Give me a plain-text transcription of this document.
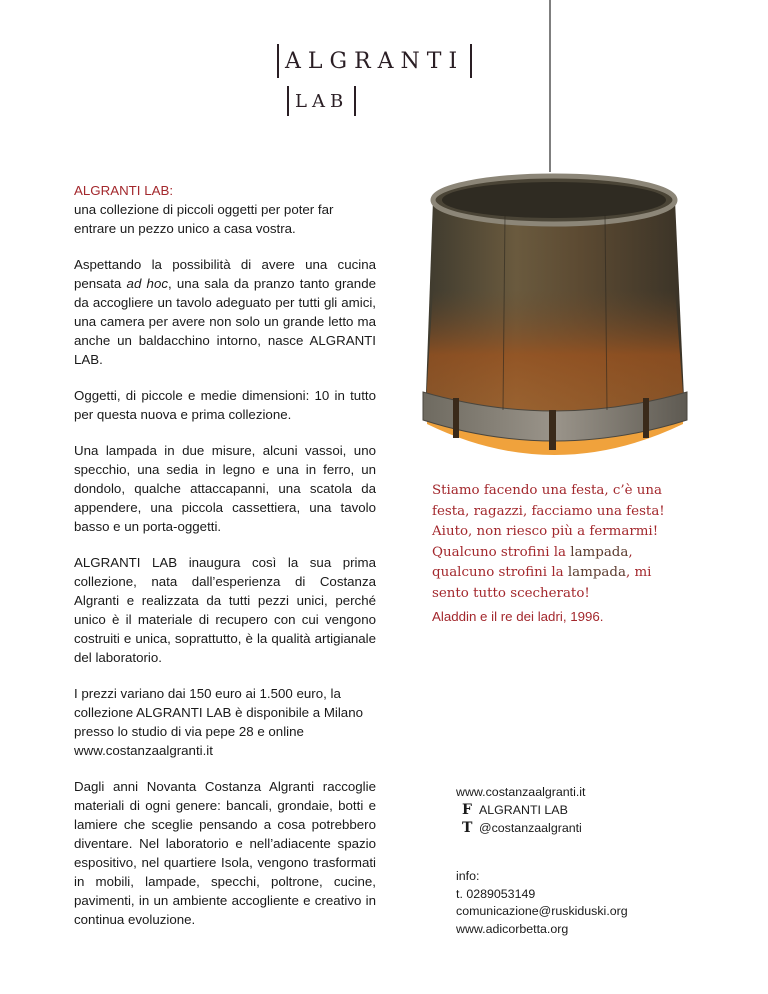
ALGRANTI
LAB

ALGRANTI LAB:
una collezione di piccoli oggetti per poter far entrare un pezzo unico a casa vostra.

Aspettando la possibilità di avere una cucina pensata ad hoc, una sala da pranzo tanto grande da accogliere un tavolo adeguato per tutti gli amici, una camera per avere non solo un grande letto ma anche un baldacchino intorno, nasce ALGRANTI LAB.

Oggetti, di piccole e medie dimensioni: 10 in tutto per questa nuova e prima collezione.

Una lampada in due misure, alcuni vassoi, uno specchio, una sedia in legno e una in ferro, un dondolo, qualche attaccapanni, una scatola da appendere, una piccola cassettiera, una tavolo basso e un porta-oggetti.

ALGRANTI LAB inaugura così la sua prima collezione, nata dall’esperienza di Costanza Algranti e realizzata da tutti pezzi unici, perché unico è il materiale di recupero con cui vengono costruiti e unica, soprattutto, è la qualità artigianale del laboratorio.

I prezzi variano dai 150 euro ai 1.500 euro, la collezione ALGRANTI LAB è disponibile a Milano presso lo studio di via pepe 28 e online www.costanzaalgranti.it

Dagli anni Novanta Costanza Algranti raccoglie materiali di ogni genere: bancali, grondaie, botti e lamiere che sceglie pensando a cosa potrebbero diventare. Nel laboratorio e nell’adiacente spazio espositivo, nel quartiere Isola, vengono trasformati in mobili, lampade, specchi, poltrone, cucine, pavimenti, in un ambiente accogliente e creativo in continua evoluzione.

Stiamo facendo una festa, c’è una festa, ragazzi, facciamo una festa! Aiuto, non riesco più a fermarmi! Qualcuno strofini la lampada, qualcuno strofini la lampada, mi sento tutto scecherato!
Aladdin e il re dei ladri, 1996.
www.costanzaalgranti.it
F ALGRANTI LAB
T @costanzaalgranti
info:
t. 0289053149
comunicazione@ruskiduski.org
www.adicorbetta.org
